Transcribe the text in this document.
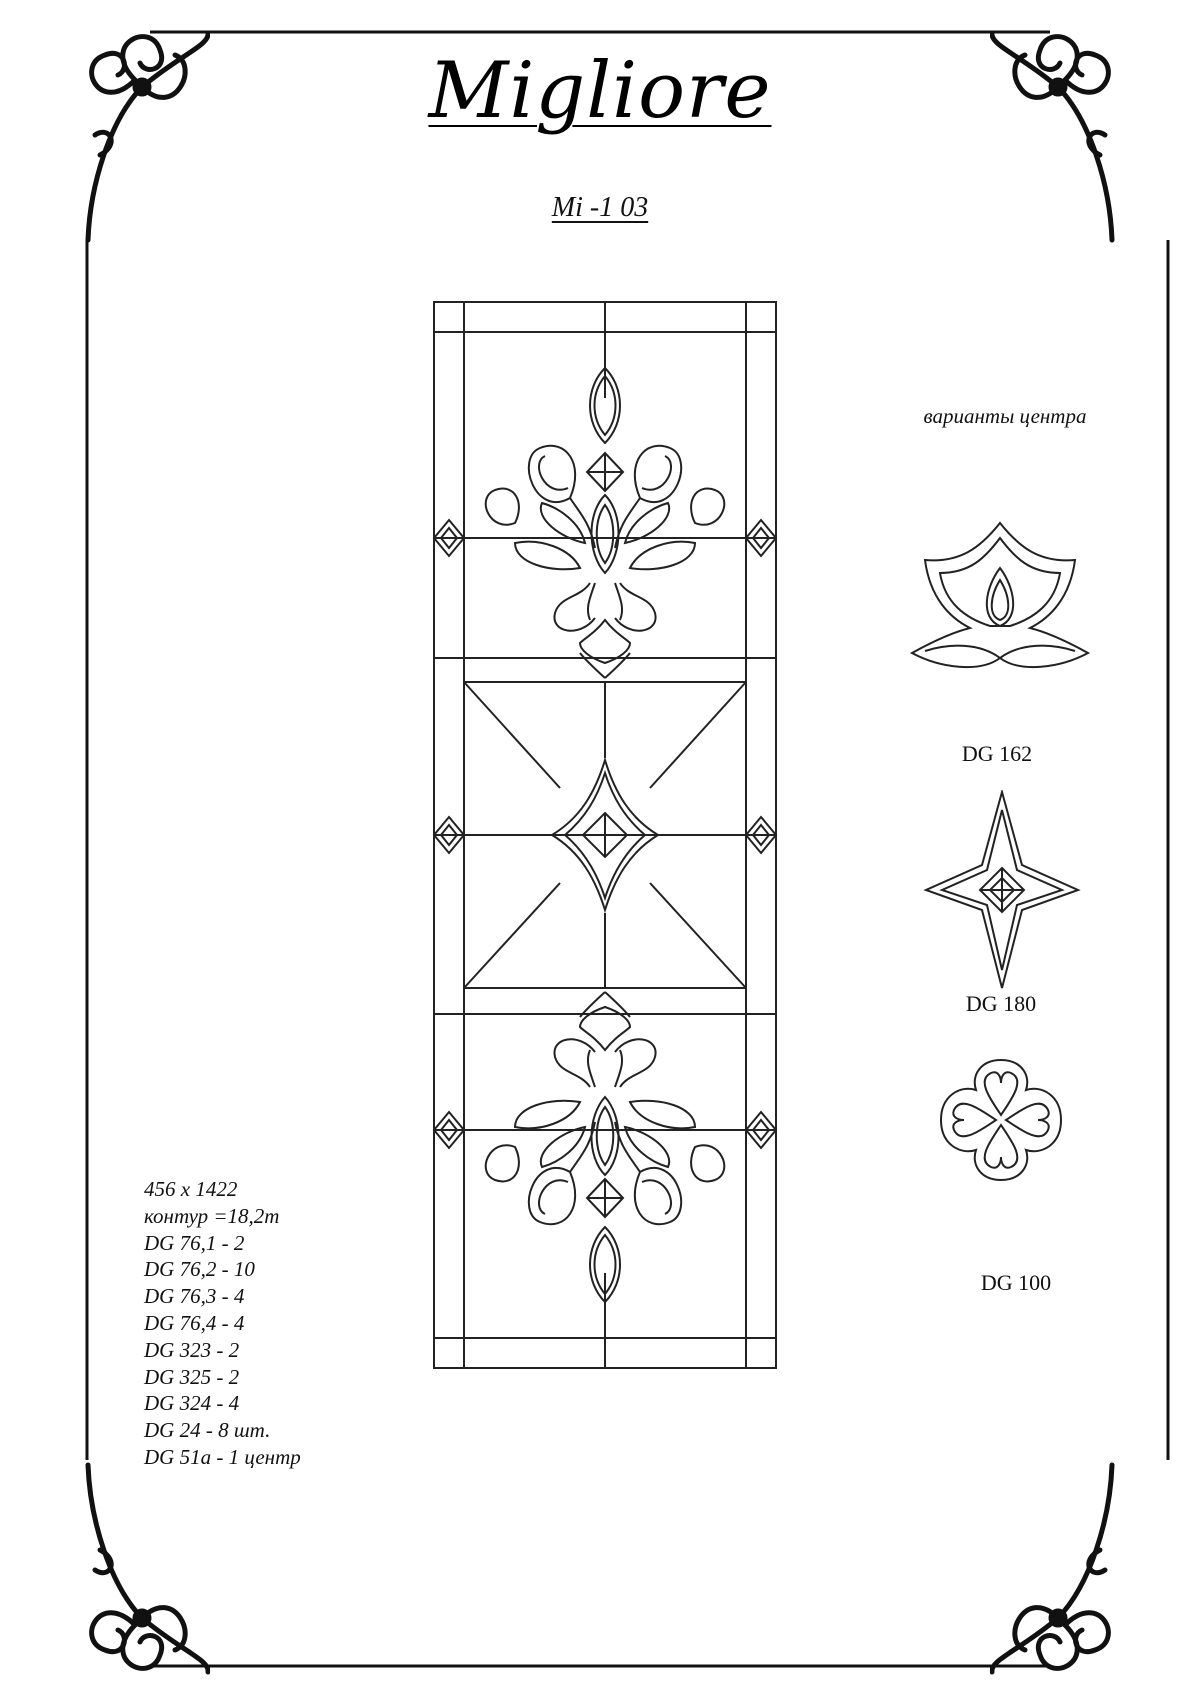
Migliore
Mi -1 03
варианты центра
DG 162
DG 180
DG 100
456 x 1422
контур =18,2т
DG 76,1 - 2
DG 76,2 - 10
DG 76,3 - 4
DG 76,4 - 4
DG 323 - 2
DG 325 - 2
DG 324 - 4
DG 24 - 8 шт.
DG 51a - 1 центр
